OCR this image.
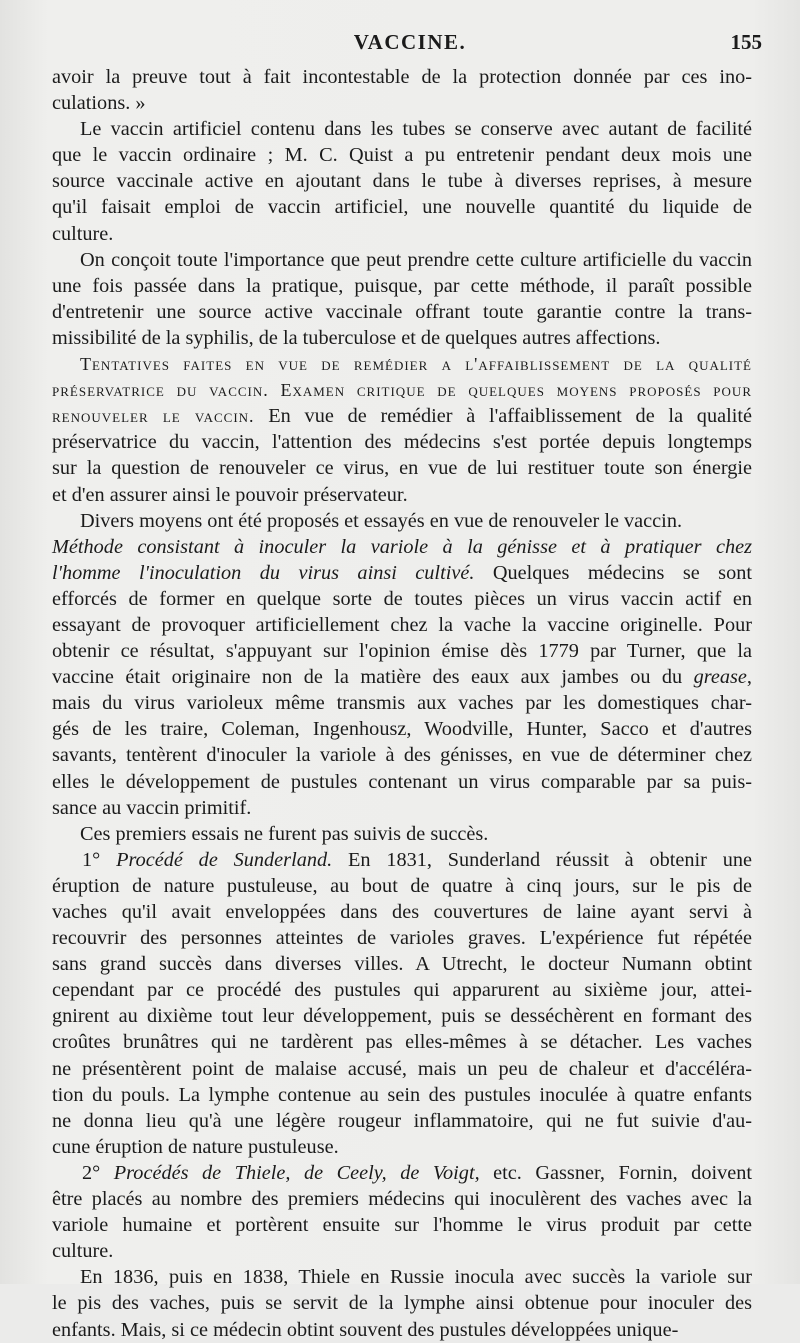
VACCINE.	155
avoir la preuve tout à fait incontestable de la protection donnée par ces ino-
culations. »
Le vaccin artificiel contenu dans les tubes se conserve avec autant de facilité
que le vaccin ordinaire ; M. C. Quist a pu entretenir pendant deux mois une
source vaccinale active en ajoutant dans le tube à diverses reprises, à mesure
qu'il faisait emploi de vaccin artificiel, une nouvelle quantité du liquide de
culture.
On conçoit toute l'importance que peut prendre cette culture artificielle du vaccin
une fois passée dans la pratique, puisque, par cette méthode, il paraît possible
d'entretenir une source active vaccinale offrant toute garantie contre la trans-
missibilité de la syphilis, de la tuberculose et de quelques autres affections.
Tentatives faites en vue de remédier a l'affaiblissement de la qualité
préservatrice du vaccin. Examen critique de quelques moyens proposés pour
renouveler le vaccin. En vue de remédier à l'affaiblissement de la qualité
préservatrice du vaccin, l'attention des médecins s'est portée depuis longtemps
sur la question de renouveler ce virus, en vue de lui restituer toute son énergie
et d'en assurer ainsi le pouvoir préservateur.
Divers moyens ont été proposés et essayés en vue de renouveler le vaccin.
Méthode consistant à inoculer la variole à la génisse et à pratiquer chez
l'homme l'inoculation du virus ainsi cultivé. Quelques médecins se sont
efforcés de former en quelque sorte de toutes pièces un virus vaccin actif en
essayant de provoquer artificiellement chez la vache la vaccine originelle. Pour
obtenir ce résultat, s'appuyant sur l'opinion émise dès 1779 par Turner, que la
vaccine était originaire non de la matière des eaux aux jambes ou du grease,
mais du virus varioleux même transmis aux vaches par les domestiques char-
gés de les traire, Coleman, Ingenhousz, Woodville, Hunter, Sacco et d'autres
savants, tentèrent d'inoculer la variole à des génisses, en vue de déterminer chez
elles le développement de pustules contenant un virus comparable par sa puis-
sance au vaccin primitif.
Ces premiers essais ne furent pas suivis de succès.
1° Procédé de Sunderland. En 1831, Sunderland réussit à obtenir une
éruption de nature pustuleuse, au bout de quatre à cinq jours, sur le pis de
vaches qu'il avait enveloppées dans des couvertures de laine ayant servi à
recouvrir des personnes atteintes de varioles graves. L'expérience fut répétée
sans grand succès dans diverses villes. A Utrecht, le docteur Numann obtint
cependant par ce procédé des pustules qui apparurent au sixième jour, attei-
gnirent au dixième tout leur développement, puis se desséchèrent en formant des
croûtes brunâtres qui ne tardèrent pas elles-mêmes à se détacher. Les vaches
ne présentèrent point de malaise accusé, mais un peu de chaleur et d'accéléra-
tion du pouls. La lymphe contenue au sein des pustules inoculée à quatre enfants
ne donna lieu qu'à une légère rougeur inflammatoire, qui ne fut suivie d'au-
cune éruption de nature pustuleuse.
2° Procédés de Thiele, de Ceely, de Voigt, etc. Gassner, Fornin, doivent
être placés au nombre des premiers médecins qui inoculèrent des vaches avec la
variole humaine et portèrent ensuite sur l'homme le virus produit par cette
culture.
En 1836, puis en 1838, Thiele en Russie inocula avec succès la variole sur
le pis des vaches, puis se servit de la lymphe ainsi obtenue pour inoculer des
enfants. Mais, si ce médecin obtint souvent des pustules développées unique-
